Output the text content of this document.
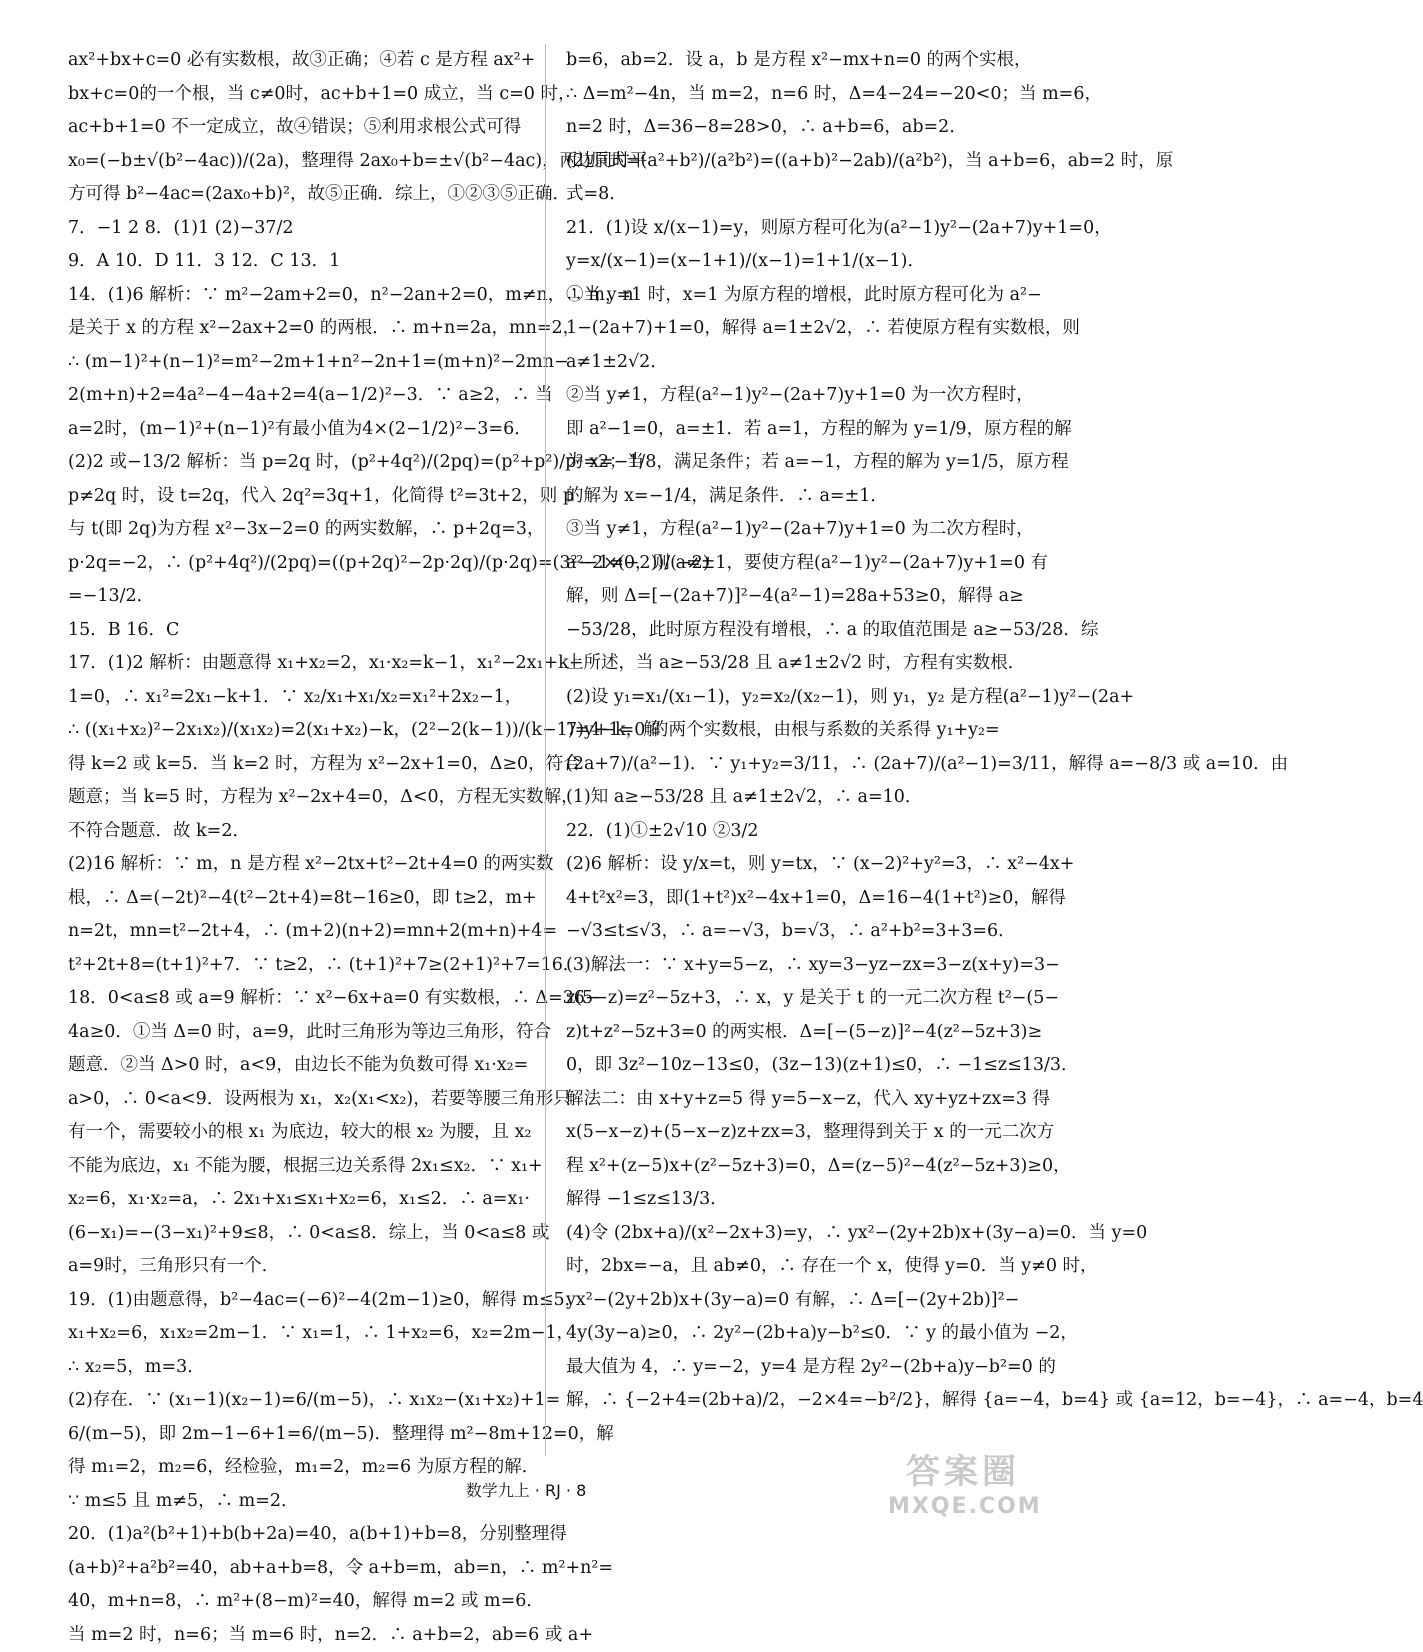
ax²+bx+c=0 必有实数根，故③正确；④若 c 是方程 ax²+
bx+c=0的一个根，当 c≠0时，ac+b+1=0 成立，当 c=0 时，
ac+b+1=0 不一定成立，故④错误；⑤利用求根公式可得
x₀=(−b±√(b²−4ac))/(2a)，整理得 2ax₀+b=±√(b²−4ac)，两边同时平
方可得 b²−4ac=(2ax₀+b)²，故⑤正确．综上，①②③⑤正确．
7．−1 2 8．(1)1 (2)−37/2
9．A 10．D 11．3 12．C 13．1
14．(1)6 解析：∵ m²−2am+2=0，n²−2an+2=0，m≠n，∴ m，n
是关于 x 的方程 x²−2ax+2=0 的两根．∴ m+n=2a，mn=2，
∴ (m−1)²+(n−1)²=m²−2m+1+n²−2n+1=(m+n)²−2mn−
2(m+n)+2=4a²−4−4a+2=4(a−1/2)²−3．∵ a≥2，∴ 当
a=2时，(m−1)²+(n−1)²有最小值为4×(2−1/2)²−3=6．
(2)2 或−13/2 解析：当 p=2q 时，(p²+4q²)/(2pq)=(p²+p²)/p²=2；当
p≠2q 时，设 t=2q，代入 2q²=3q+1，化简得 t²=3t+2，则 p
与 t(即 2q)为方程 x²−3x−2=0 的两实数解，∴ p+2q=3，
p·2q=−2，∴ (p²+4q²)/(2pq)=((p+2q)²−2p·2q)/(p·2q)=(3²−2×(−2))/(−2)
=−13/2．
15．B 16．C
17．(1)2 解析：由题意得 x₁+x₂=2，x₁·x₂=k−1，x₁²−2x₁+k−
1=0，∴ x₁²=2x₁−k+1．∵ x₂/x₁+x₁/x₂=x₁²+2x₂−1，
∴ ((x₁+x₂)²−2x₁x₂)/(x₁x₂)=2(x₁+x₂)−k，(2²−2(k−1))/(k−1)=4−k，解
得 k=2 或 k=5．当 k=2 时，方程为 x²−2x+1=0，Δ≥0，符合
题意；当 k=5 时，方程为 x²−2x+4=0，Δ<0，方程无实数解，
不符合题意．故 k=2．
(2)16 解析：∵ m，n 是方程 x²−2tx+t²−2t+4=0 的两实数
根，∴ Δ=(−2t)²−4(t²−2t+4)=8t−16≥0，即 t≥2，m+
n=2t，mn=t²−2t+4，∴ (m+2)(n+2)=mn+2(m+n)+4=
t²+2t+8=(t+1)²+7．∵ t≥2，∴ (t+1)²+7≥(2+1)²+7=16．
18．0<a≤8 或 a=9 解析：∵ x²−6x+a=0 有实数根，∴ Δ=36−
4a≥0．①当 Δ=0 时，a=9，此时三角形为等边三角形，符合
题意．②当 Δ>0 时，a<9，由边长不能为负数可得 x₁·x₂=
a>0，∴ 0<a<9．设两根为 x₁，x₂(x₁<x₂)，若要等腰三角形只
有一个，需要较小的根 x₁ 为底边，较大的根 x₂ 为腰，且 x₂
不能为底边，x₁ 不能为腰，根据三边关系得 2x₁≤x₂．∵ x₁+
x₂=6，x₁·x₂=a，∴ 2x₁+x₁≤x₁+x₂=6，x₁≤2．∴ a=x₁·
(6−x₁)=−(3−x₁)²+9≤8，∴ 0<a≤8．综上，当 0<a≤8 或
a=9时，三角形只有一个．
19．(1)由题意得，b²−4ac=(−6)²−4(2m−1)≥0，解得 m≤5．
x₁+x₂=6，x₁x₂=2m−1．∵ x₁=1，∴ 1+x₂=6，x₂=2m−1，
∴ x₂=5，m=3．
(2)存在．∵ (x₁−1)(x₂−1)=6/(m−5)，∴ x₁x₂−(x₁+x₂)+1=
6/(m−5)，即 2m−1−6+1=6/(m−5)．整理得 m²−8m+12=0，解
得 m₁=2，m₂=6，经检验，m₁=2，m₂=6 为原方程的解．
∵ m≤5 且 m≠5，∴ m=2．
20．(1)a²(b²+1)+b(b+2a)=40，a(b+1)+b=8，分别整理得
(a+b)²+a²b²=40，ab+a+b=8，令 a+b=m，ab=n，∴ m²+n²=
40，m+n=8，∴ m²+(8−m)²=40，解得 m=2 或 m=6．
当 m=2 时，n=6；当 m=6 时，n=2．∴ a+b=2，ab=6 或 a+
b=6，ab=2．设 a，b 是方程 x²−mx+n=0 的两个实根，
∴ Δ=m²−4n，当 m=2，n=6 时，Δ=4−24=−20<0；当 m=6，
n=2 时，Δ=36−8=28>0，∴ a+b=6，ab=2．
(2)原式=(a²+b²)/(a²b²)=((a+b)²−2ab)/(a²b²)，当 a+b=6，ab=2 时，原
式=8．
21．(1)设 x/(x−1)=y，则原方程可化为(a²−1)y²−(2a+7)y+1=0，
y=x/(x−1)=(x−1+1)/(x−1)=1+1/(x−1)．
①当 y=1 时，x=1 为原方程的增根，此时原方程可化为 a²−
1−(2a+7)+1=0，解得 a=1±2√2，∴ 若使原方程有实数根，则
a≠1±2√2．
②当 y≠1，方程(a²−1)y²−(2a+7)y+1=0 为一次方程时，
即 a²−1=0，a=±1．若 a=1，方程的解为 y=1/9，原方程的解
为 x=−1/8，满足条件；若 a=−1，方程的解为 y=1/5，原方程
的解为 x=−1/4，满足条件．∴ a=±1．
③当 y≠1，方程(a²−1)y²−(2a+7)y+1=0 为二次方程时，
a²−1≠0，则 a≠±1，要使方程(a²−1)y²−(2a+7)y+1=0 有
解，则 Δ=[−(2a+7)]²−4(a²−1)=28a+53≥0，解得 a≥
−53/28，此时原方程没有增根，∴ a 的取值范围是 a≥−53/28．综
上所述，当 a≥−53/28 且 a≠1±2√2 时，方程有实数根．
(2)设 y₁=x₁/(x₁−1)，y₂=x₂/(x₂−1)，则 y₁，y₂ 是方程(a²−1)y²−(2a+
7)y+1=0 的两个实数根，由根与系数的关系得 y₁+y₂=
(2a+7)/(a²−1)．∵ y₁+y₂=3/11，∴ (2a+7)/(a²−1)=3/11，解得 a=−8/3 或 a=10．由
(1)知 a≥−53/28 且 a≠1±2√2，∴ a=10．
22．(1)①±2√10 ②3/2
(2)6 解析：设 y/x=t，则 y=tx，∵ (x−2)²+y²=3，∴ x²−4x+
4+t²x²=3，即(1+t²)x²−4x+1=0，Δ=16−4(1+t²)≥0，解得
−√3≤t≤√3，∴ a=−√3，b=√3，∴ a²+b²=3+3=6．
(3)解法一：∵ x+y=5−z，∴ xy=3−yz−zx=3−z(x+y)=3−
z(5−z)=z²−5z+3，∴ x，y 是关于 t 的一元二次方程 t²−(5−
z)t+z²−5z+3=0 的两实根．Δ=[−(5−z)]²−4(z²−5z+3)≥
0，即 3z²−10z−13≤0，(3z−13)(z+1)≤0，∴ −1≤z≤13/3．
解法二：由 x+y+z=5 得 y=5−x−z，代入 xy+yz+zx=3 得
x(5−x−z)+(5−x−z)z+zx=3，整理得到关于 x 的一元二次方
程 x²+(z−5)x+(z²−5z+3)=0，Δ=(z−5)²−4(z²−5z+3)≥0，
解得 −1≤z≤13/3．
(4)令 (2bx+a)/(x²−2x+3)=y，∴ yx²−(2y+2b)x+(3y−a)=0．当 y=0
时，2bx=−a，且 ab≠0，∴ 存在一个 x，使得 y=0．当 y≠0 时，
yx²−(2y+2b)x+(3y−a)=0 有解，∴ Δ=[−(2y+2b)]²−
4y(3y−a)≥0，∴ 2y²−(2b+a)y−b²≤0．∵ y 的最小值为 −2，
最大值为 4，∴ y=−2，y=4 是方程 2y²−(2b+a)y−b²=0 的
解，∴ {−2+4=(2b+a)/2，−2×4=−b²/2}，解得 {a=−4，b=4} 或 {a=12，b=−4}，∴ a=−4，b=4
数学九上 · RJ · 8	答案圈
MXQE.COM
